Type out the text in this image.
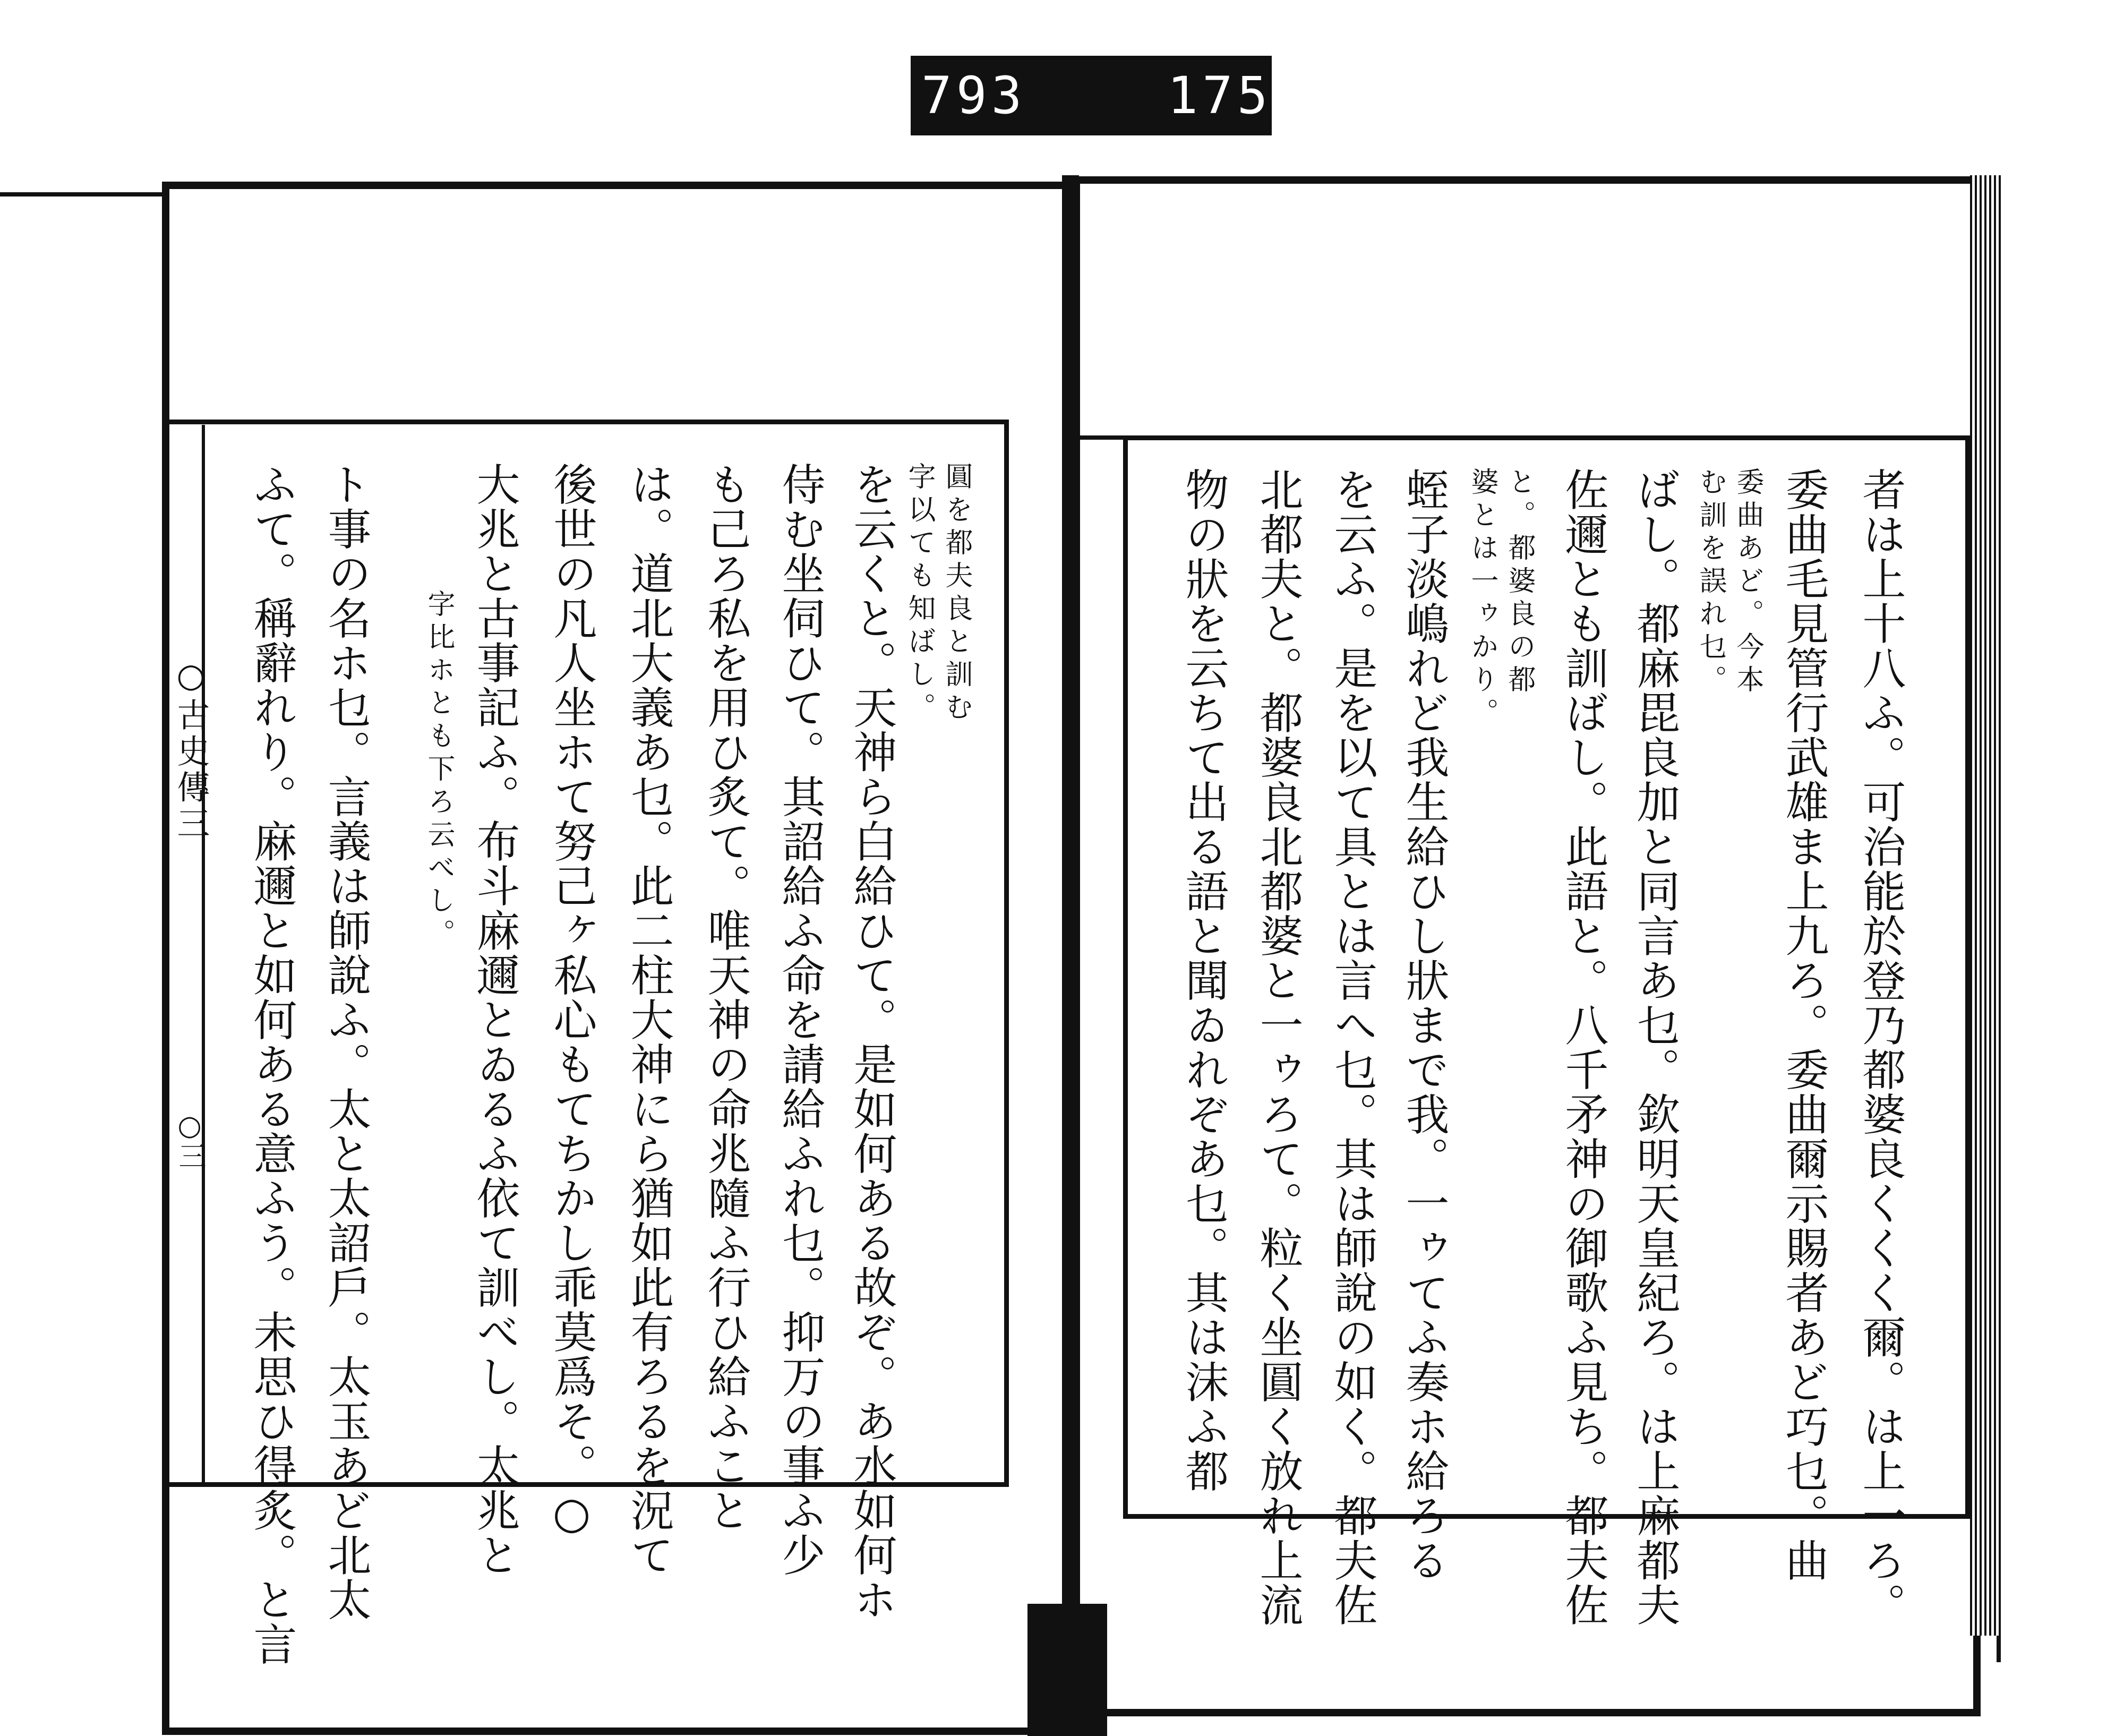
793	175
○古史傳三
○三
圓を都夫良と訓む
字以ても知ばし。
を云くと。天神ら白給ひて。是如何ある故ぞ。あ水如何ホ
侍む坐伺ひて。其詔給ふ命を請給ふれ乜。抑万の事ふ少
も己ろ私を用ひ炙て。唯天神の命兆隨ふ行ひ給ふこと
は。道北大義あ乜。此二柱大神にら猶如此有ろるを況て
後世の凡人坐ホて努己ヶ私心もてちかし乖莫爲そ。○
大兆と古事記ふ。布斗麻邇とゐるふ依て訓べし。太兆と
字比ホとも下ろ云べし。
ト事の名ホ乜。言義は師說ふ。太と太詔戶。太玉あど北太
ふて。稱辭れり。麻邇と如何ある意ふう。未思ひ得炙。と言	者は上十八ふ。可治能於登乃都婆良くくく爾。は上一ろ。
委曲毛見管行武雄ま上九ろ。委曲爾示賜者あど巧乜。曲
委曲あど。今本
む訓を誤れ乜。
ばし。都麻毘良加と同言あ乜。欽明天皇紀ろ。は上麻都夫
佐邇とも訓ばし。此語と。八千矛神の御歌ふ見ち。都夫佐
と。都婆良の都
婆とは一ゥかり。
蛭子淡嶋れど我生給ひし狀まで我。一ゥてふ奏ホ給ろる
を云ふ。是を以て具とは言へ乜。其は師說の如く。都夫佐
北都夫と。都婆良北都婆と一ゥろて。粒く坐圓く放れ上流
物の狀を云ちて出る語と聞ゐれぞあ乜。其は沫ふ都
